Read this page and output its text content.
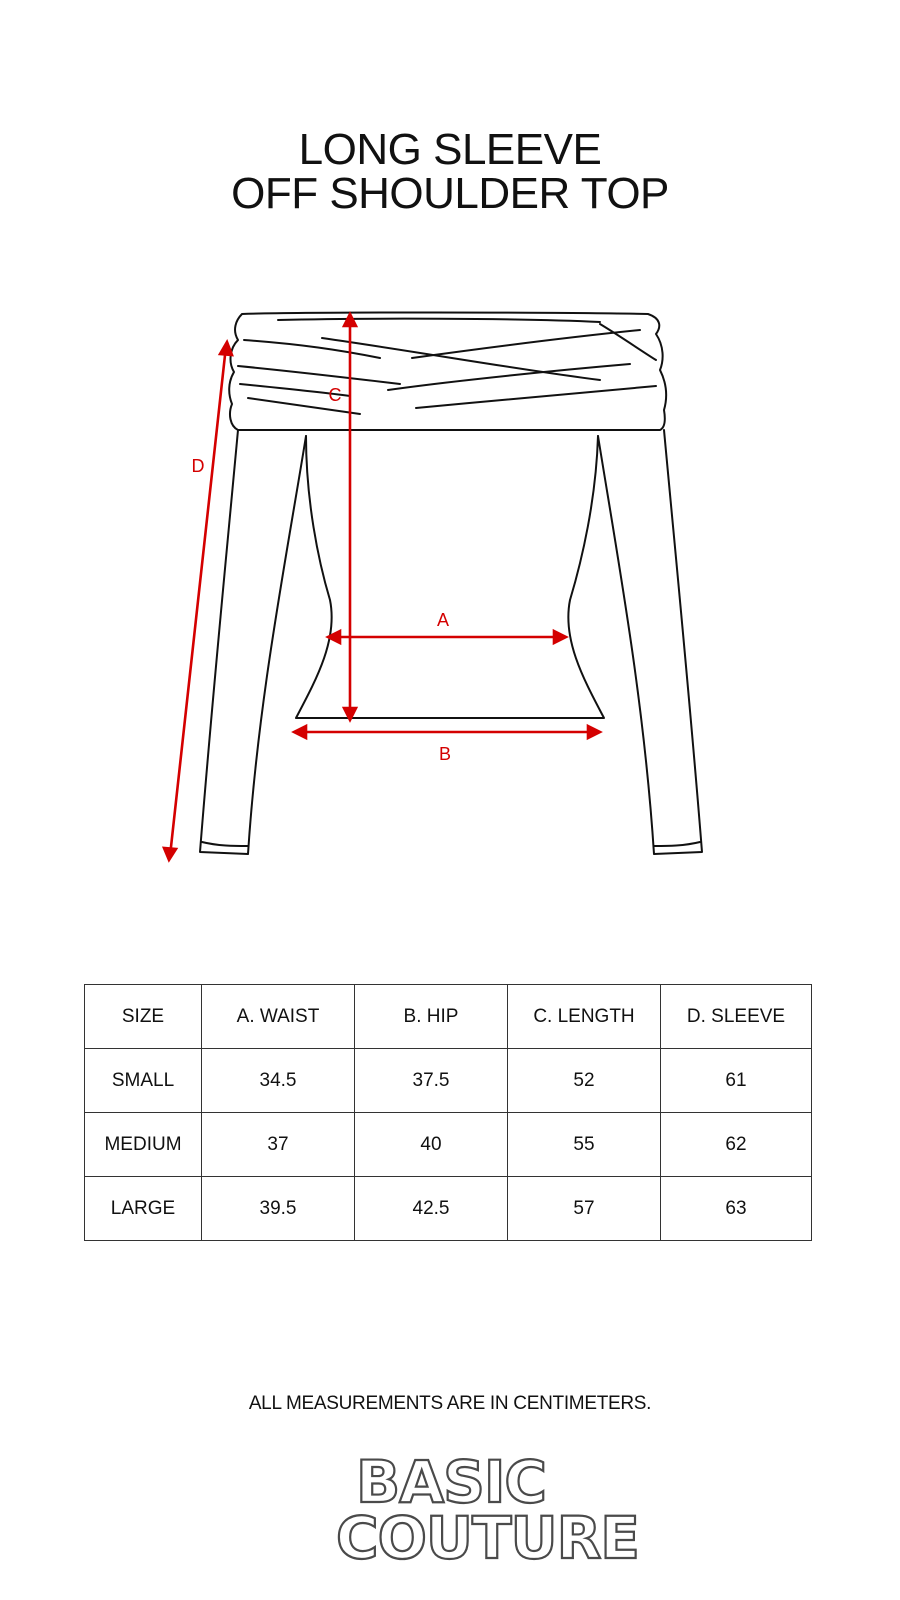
LONG SLEEVE
OFF SHOULDER TOP
C
A
B
D
SIZE	A. WAIST	B. HIP	C. LENGTH	D. SLEEVE
SMALL	34.5	37.5	52	61
MEDIUM	37	40	55	62
LARGE	39.5	42.5	57	63
ALL MEASUREMENTS ARE IN CENTIMETERS.
BASIC
COUTURE
